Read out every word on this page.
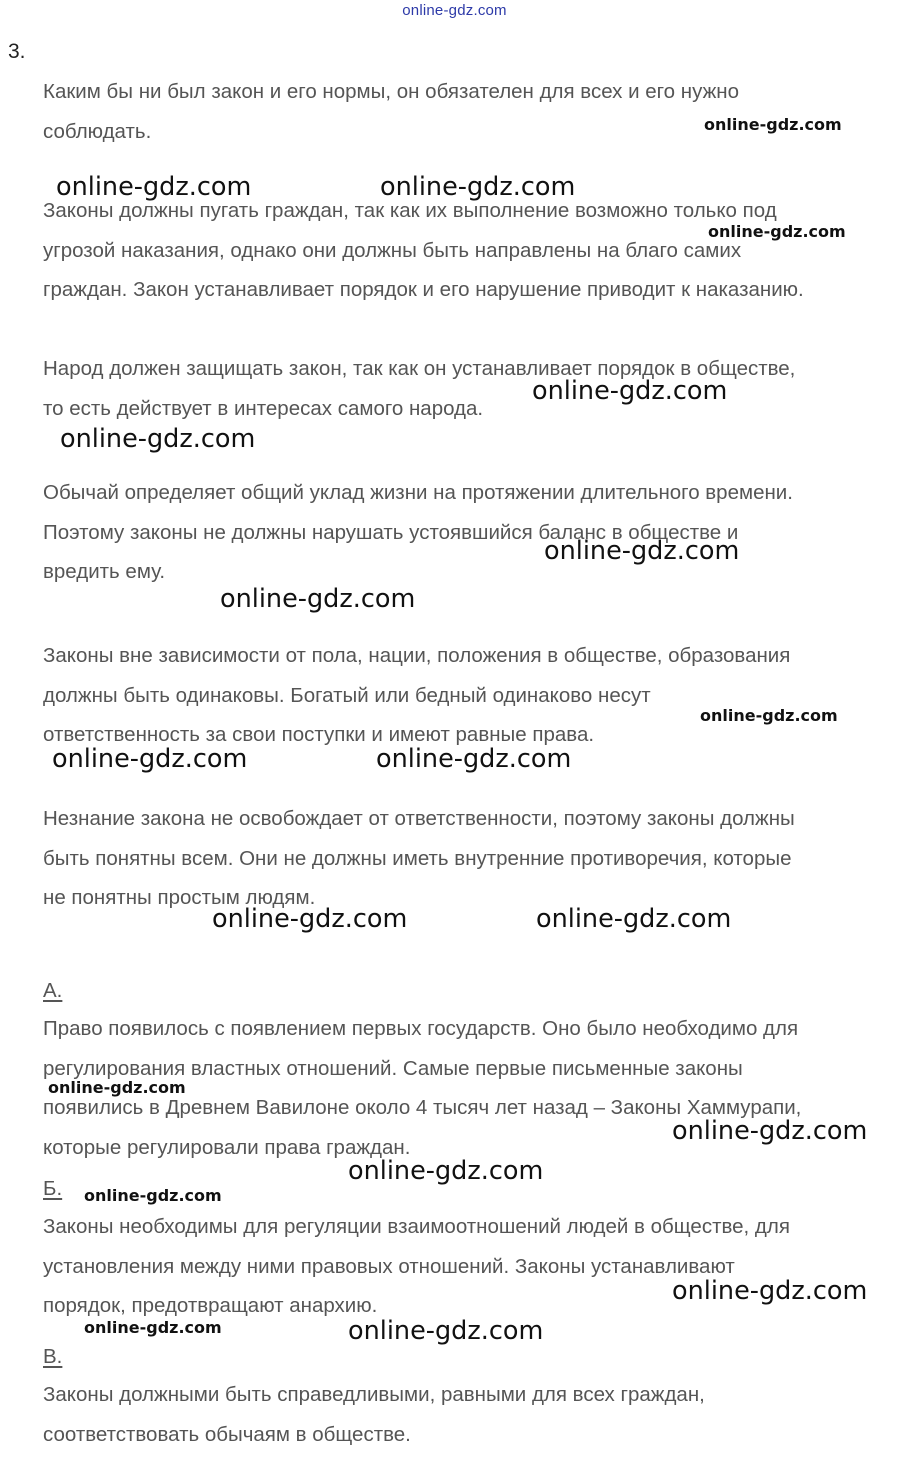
online-gdz.com
3.

Каким бы ни был закон и его нормы, он обязателен для всех и его нужно
соблюдать.

Законы должны пугать граждан, так как их выполнение возможно только под
угрозой наказания, однако они должны быть направлены на благо самих
граждан. Закон устанавливает порядок и его нарушение приводит к наказанию.

Народ должен защищать закон, так как он устанавливает порядок в обществе,
то есть действует в интересах самого народа.

Обычай определяет общий уклад жизни на протяжении длительного времени.
Поэтому законы не должны нарушать устоявшийся баланс в обществе и
вредить ему.

Законы вне зависимости от пола, нации, положения в обществе, образования
должны быть одинаковы. Богатый или бедный одинаково несут
ответственность за свои поступки и имеют равные права.

Незнание закона не освобождает от ответственности, поэтому законы должны
быть понятны всем. Они не должны иметь внутренние противоречия, которые
не понятны простым людям.

А.

Право появилось с появлением первых государств. Оно было необходимо для
регулирования властных отношений. Самые первые письменные законы
появились в Древнем Вавилоне около 4 тысяч лет назад – Законы Хаммурапи,
которые регулировали права граждан.

Б.

Законы необходимы для регуляции взаимоотношений людей в обществе, для
установления между ними правовых отношений. Законы устанавливают
порядок, предотвращают анархию.

В.

Законы должными быть справедливыми, равными для всех граждан,
соответствовать обычаям в обществе.

online-gdz.com
online-gdz.com	online-gdz.com
online-gdz.com
online-gdz.com
online-gdz.com
online-gdz.com
online-gdz.com
online-gdz.com
online-gdz.com	online-gdz.com
online-gdz.com	online-gdz.com
online-gdz.com
online-gdz.com
online-gdz.com
online-gdz.com
online-gdz.com
online-gdz.com	online-gdz.com
